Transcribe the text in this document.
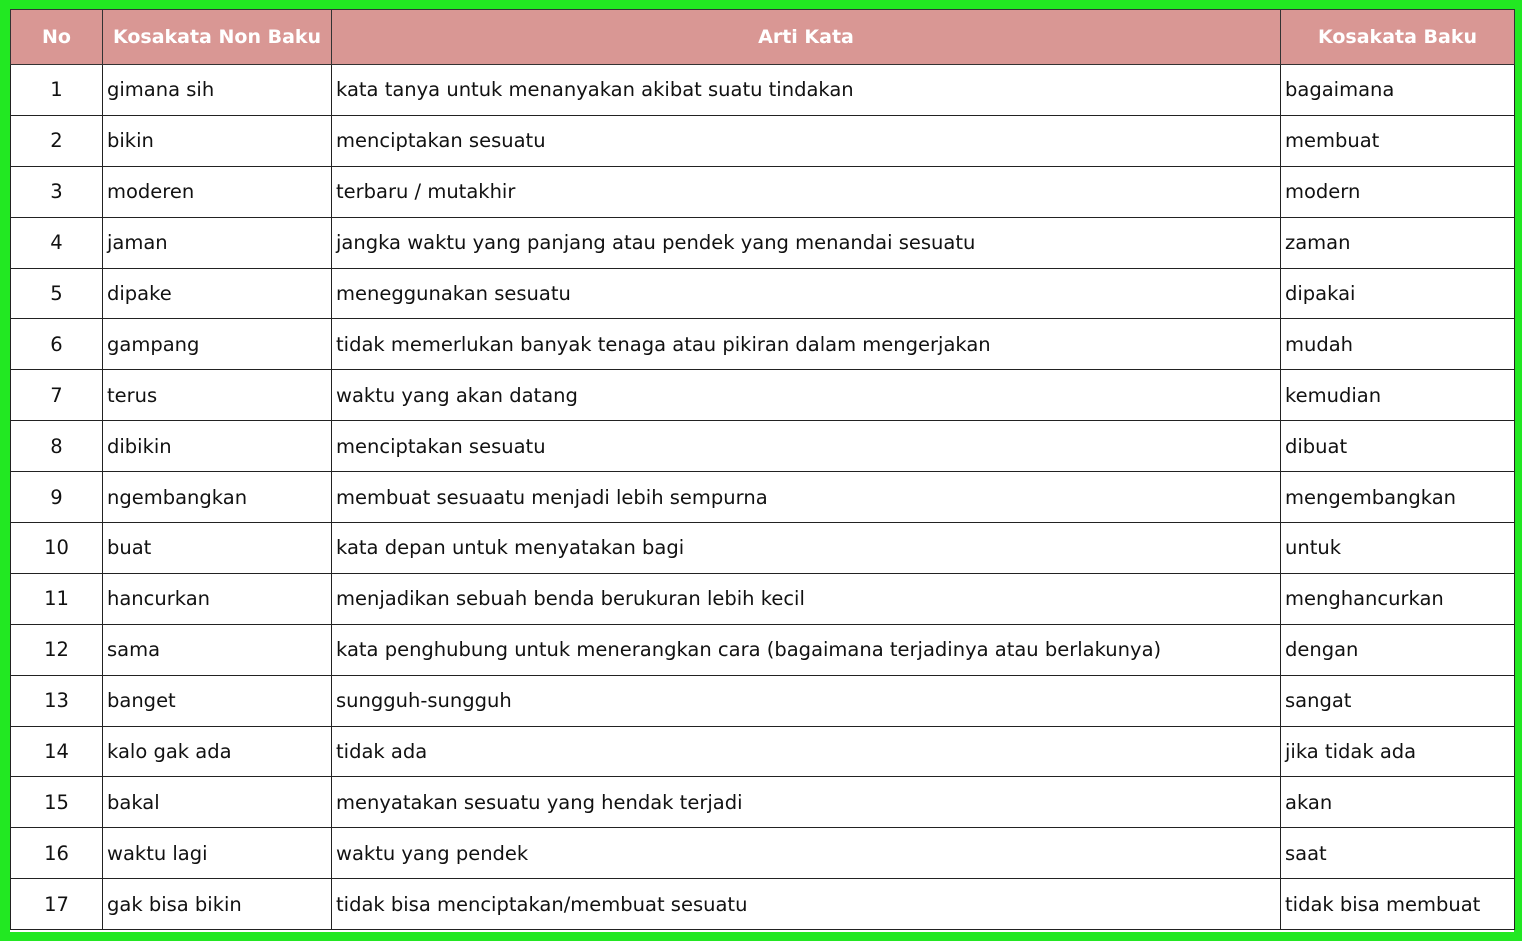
No	Kosakata Non Baku	Arti Kata	Kosakata Baku
1	gimana sih	kata tanya untuk menanyakan akibat suatu tindakan	bagaimana
2	bikin	menciptakan sesuatu	membuat
3	moderen	terbaru / mutakhir	modern
4	jaman	jangka waktu yang panjang atau pendek yang menandai sesuatu	zaman
5	dipake	meneggunakan sesuatu	dipakai
6	gampang	tidak memerlukan banyak tenaga atau pikiran dalam mengerjakan	mudah
7	terus	waktu yang akan datang	kemudian
8	dibikin	menciptakan sesuatu	dibuat
9	ngembangkan	membuat sesuaatu menjadi lebih sempurna	mengembangkan
10	buat	kata depan untuk menyatakan bagi	untuk
11	hancurkan	menjadikan sebuah benda berukuran lebih kecil	menghancurkan
12	sama	kata penghubung untuk menerangkan cara (bagaimana terjadinya atau berlakunya)	dengan
13	banget	sungguh-sungguh	sangat
14	kalo gak ada	tidak ada	jika tidak ada
15	bakal	menyatakan sesuatu yang hendak terjadi	akan
16	waktu lagi	waktu yang pendek	saat
17	gak bisa bikin	tidak bisa menciptakan/membuat sesuatu	tidak bisa membuat
